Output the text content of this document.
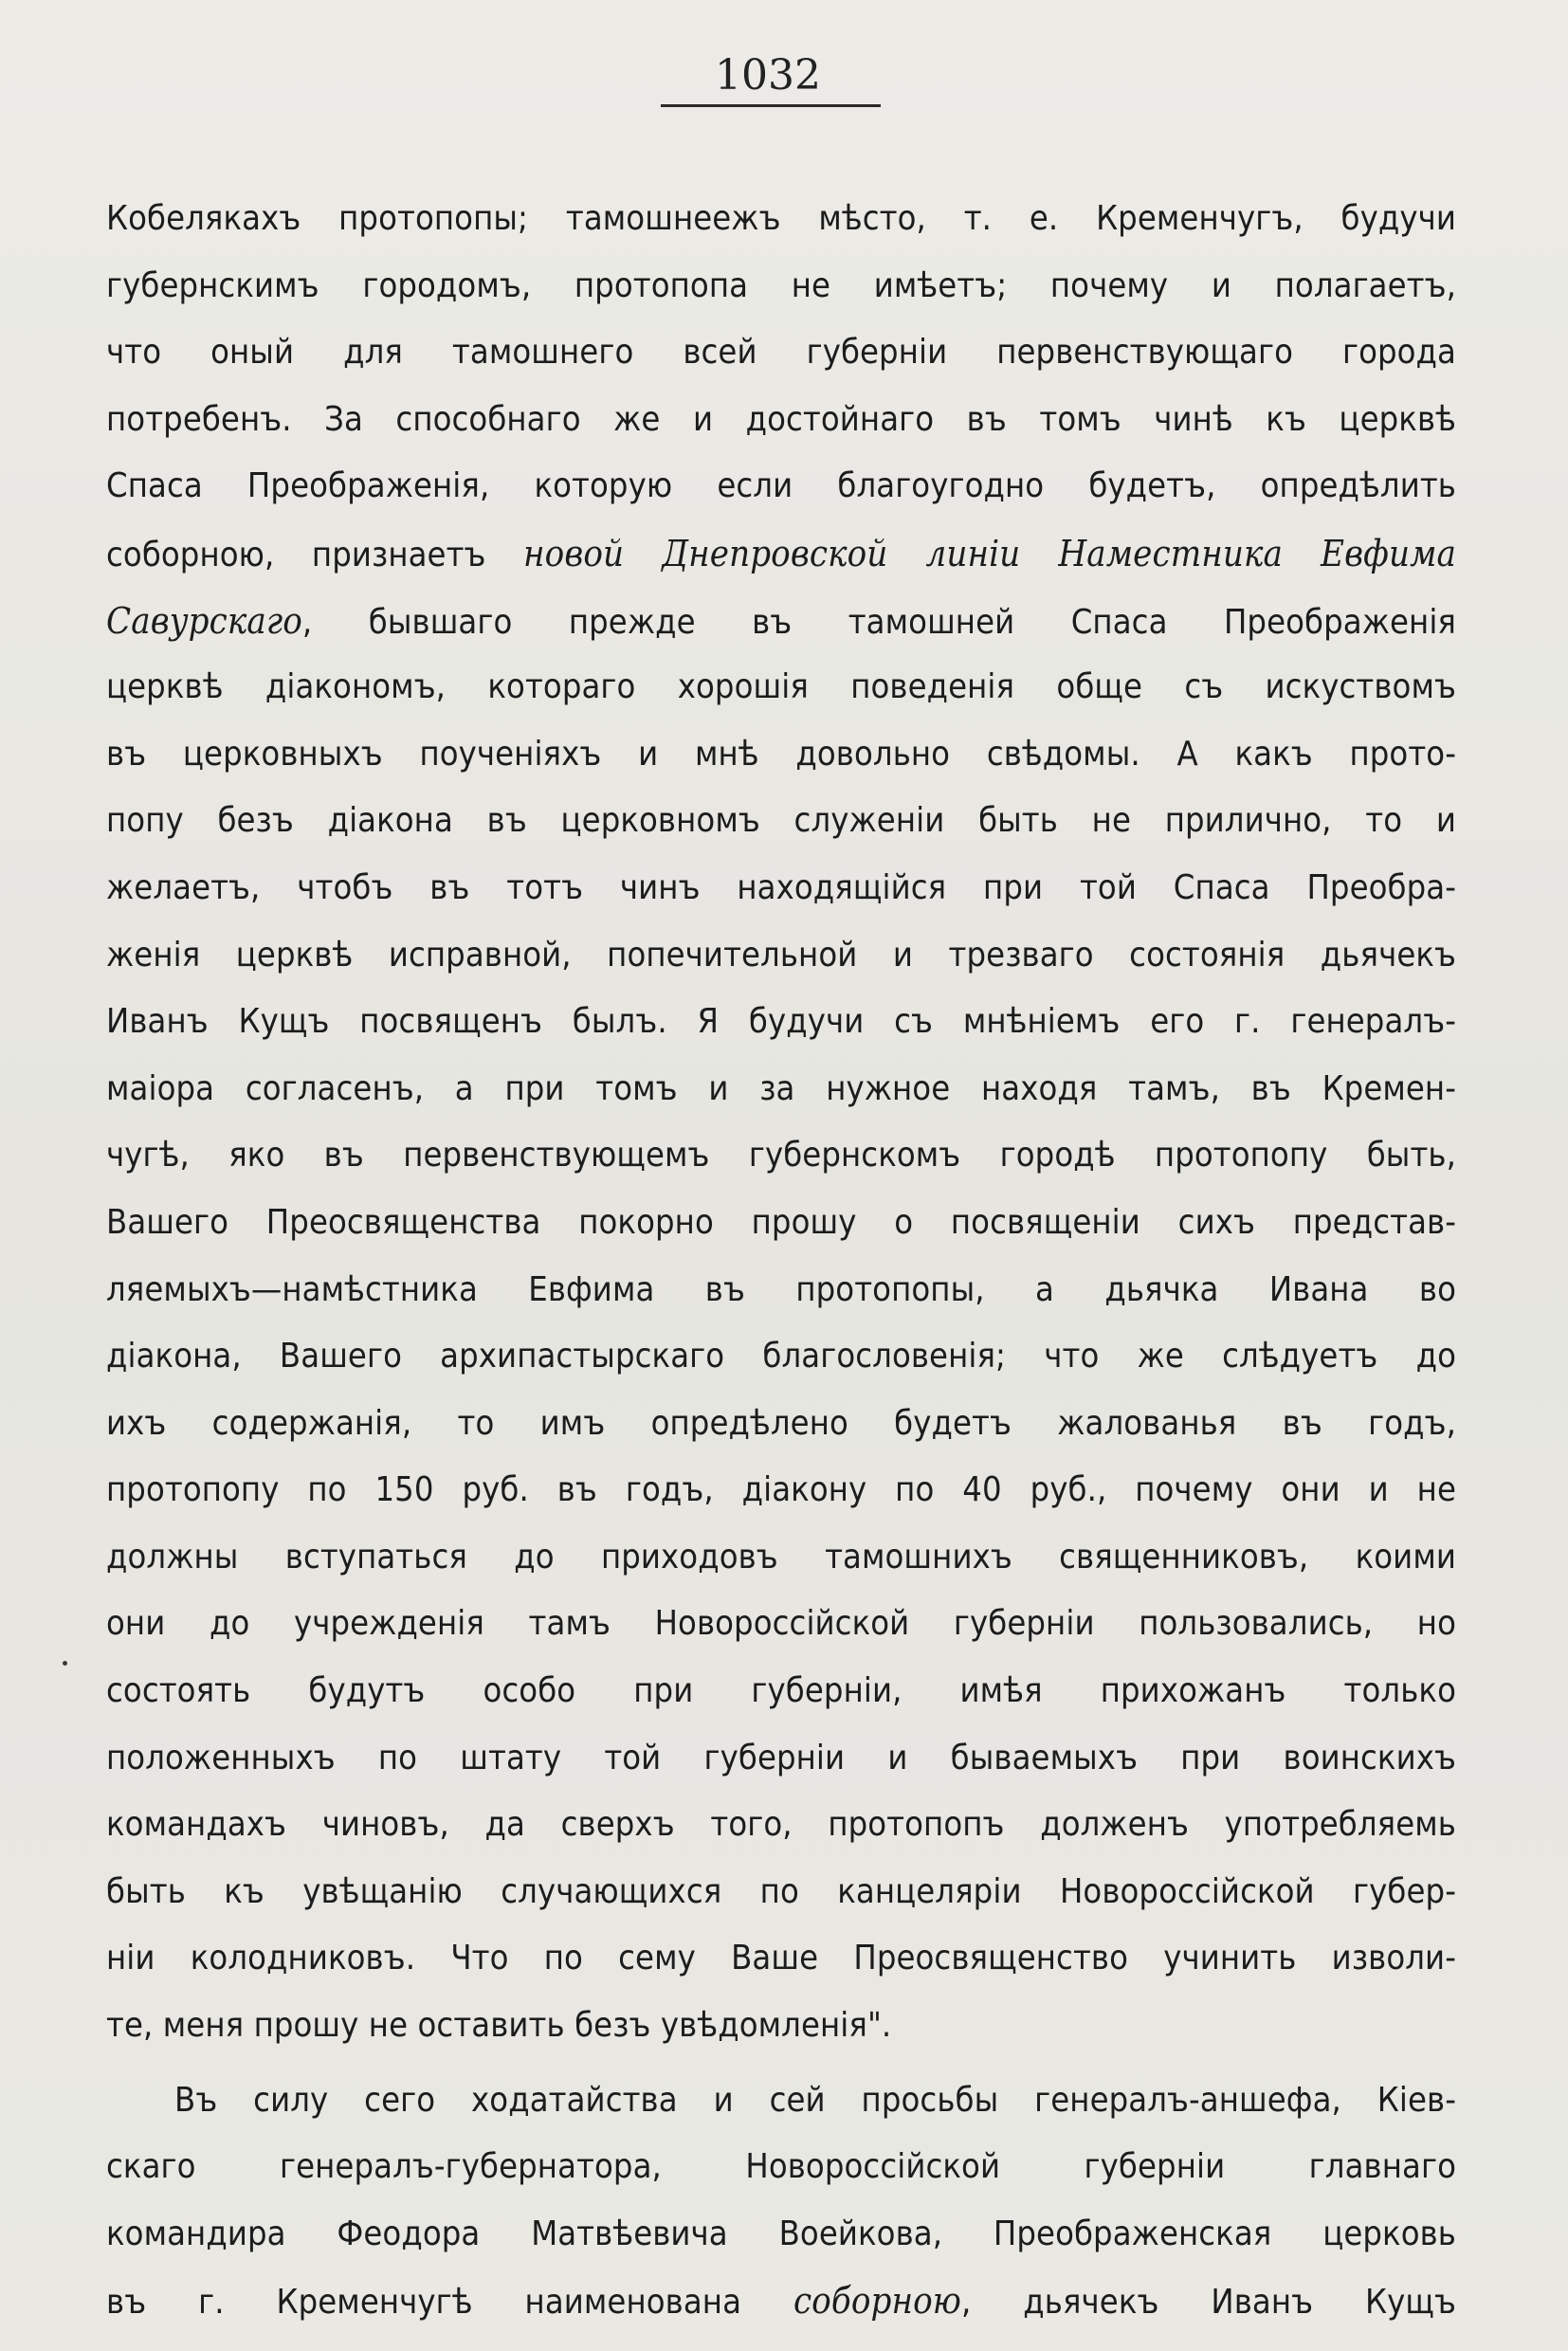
1032
Кобелякахъ протопопы; тамошнеежъ мѣсто, т. е. Кременчугъ, будучи
губернскимъ городомъ, протопопа не имѣетъ; почему и полагаетъ,
что оный для тамошнего всей губерніи первенствующаго города
потребенъ. За способнаго же и достойнаго въ томъ чинѣ къ церквѣ
Спаса Преображенія, которую если благоугодно будетъ, опредѣлить
соборною, признаетъ новой Днепровской линіи Наместника Евфима
Савурскаго, бывшаго прежде въ тамошней Спаса Преображенія
церквѣ діакономъ, котораго хорошія поведенія обще съ искуствомъ
въ церковныхъ поученіяхъ и мнѣ довольно свѣдомы. А какъ прото-
попу безъ діакона въ церковномъ служеніи быть не прилично, то и
желаетъ, чтобъ въ тотъ чинъ находящійся при той Спаса Преобра-
женія церквѣ исправной, попечительной и трезваго состоянія дьячекъ
Иванъ Кущъ посвященъ былъ. Я будучи съ мнѣніемъ его г. генералъ-
маіора согласенъ, а при томъ и за нужное находя тамъ, въ Кремен-
чугѣ, яко въ первенствующемъ губернскомъ городѣ протопопу быть,
Вашего Преосвященства покорно прошу о посвященіи сихъ представ-
ляемыхъ—намѣстника Евфима въ протопопы, а дьячка Ивана во
діакона, Вашего архипастырскаго благословенія; что же слѣдуетъ до
ихъ содержанія, то имъ опредѣлено будетъ жалованья въ годъ,
протопопу по 150 руб. въ годъ, діакону по 40 руб., почему они и не
должны вступаться до приходовъ тамошнихъ священниковъ, коими
они до учрежденія тамъ Новороссійской губерніи пользовались, но
состоять будутъ особо при губерніи, имѣя прихожанъ только
положенныхъ по штату той губерніи и бываемыхъ при воинскихъ
командахъ чиновъ, да сверхъ того, протопопъ долженъ употребляемь
быть къ увѣщанію случающихся по канцеляріи Новороссійской губер-
ніи колодниковъ. Что по сему Ваше Преосвященство учинить изволи-
те, меня прошу не оставить безъ увѣдомленія".
Въ силу сего ходатайства и сей просьбы генералъ-аншефа, Кіев-
скаго генералъ-губернатора, Новороссійской губерніи главнаго
командира Феодора Матвѣевича Воейкова, Преображенская церковь
въ г. Кременчугѣ наименована соборною, дьячекъ Иванъ Кущъ
